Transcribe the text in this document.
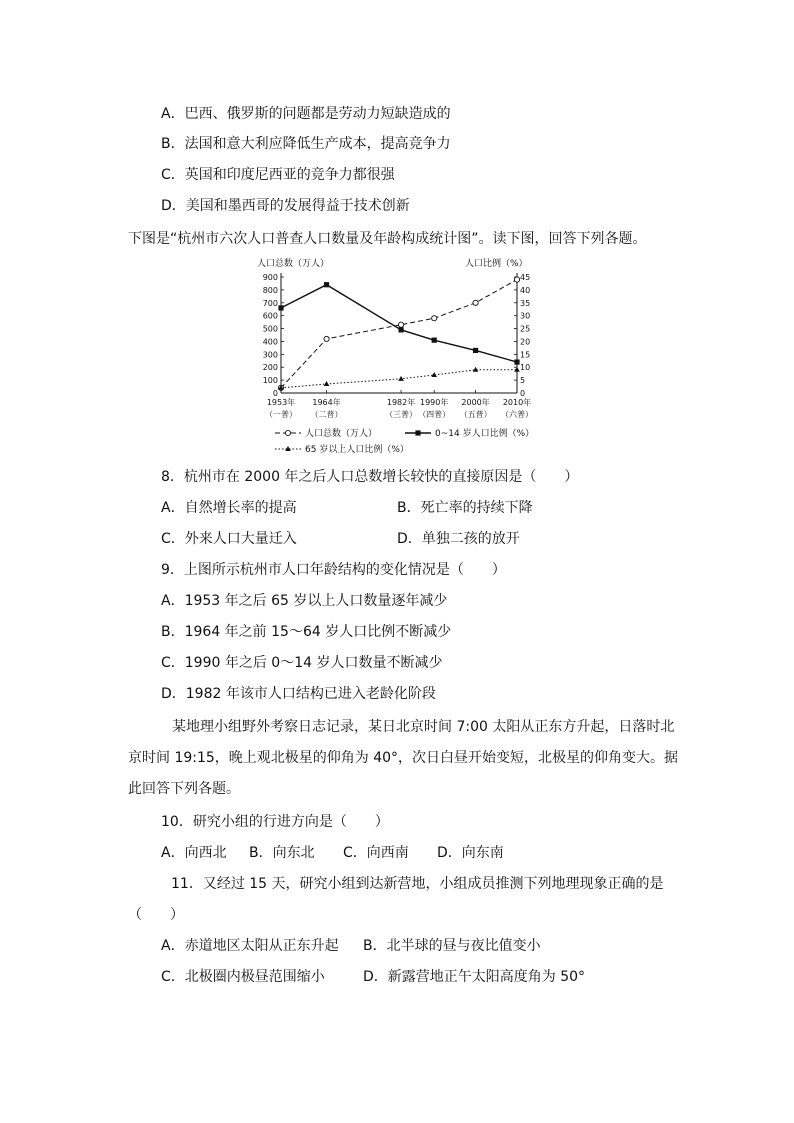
A．巴西、俄罗斯的问题都是劳动力短缺造成的
B．法国和意大利应降低生产成本，提高竞争力
C．英国和印度尼西亚的竞争力都很强
D．美国和墨西哥的发展得益于技术创新
下图是“杭州市六次人口普查人口数量及年龄构成统计图”。读下图，回答下列各题。
人口总数（万人）	人口比例（%）
0
100
200
300
400
500
600
700
800
900
0
5
10
15
20
25
30
35
40
45
1953年
（一普）
1964年
（二普）
1982年
（三普）
1990年
（四普）
2000年
（五普）
2010年
（六普）
人口总数（万人）	0~14 岁人口比例（%）
65 岁以上人口比例（%）
8．杭州市在 2000 年之后人口总数增长较快的直接原因是（　　）
A．自然增长率的提高	B．死亡率的持续下降
C．外来人口大量迁入	D．单独二孩的放开
9．上图所示杭州市人口年龄结构的变化情况是（　　）
A．1953 年之后 65 岁以上人口数量逐年减少
B．1964 年之前 15～64 岁人口比例不断减少
C．1990 年之后 0～14 岁人口数量不断减少
D．1982 年该市人口结构已进入老龄化阶段
某地理小组野外考察日志记录，某日北京时间 7:00 太阳从正东方升起，日落时北
京时间 19:15，晚上观北极星的仰角为 40°，次日白昼开始变短，北极星的仰角变大。据
此回答下列各题。
10．研究小组的行进方向是（　　）
A．向西北 B．向东北 C．向西南 D．向东南
11．又经过 15 天，研究小组到达新营地，小组成员推测下列地理现象正确的是
（　　）
A．赤道地区太阳从正东升起 B．北半球的昼与夜比值变小
C．北极圈内极昼范围缩小	D．新露营地正午太阳高度角为 50°
